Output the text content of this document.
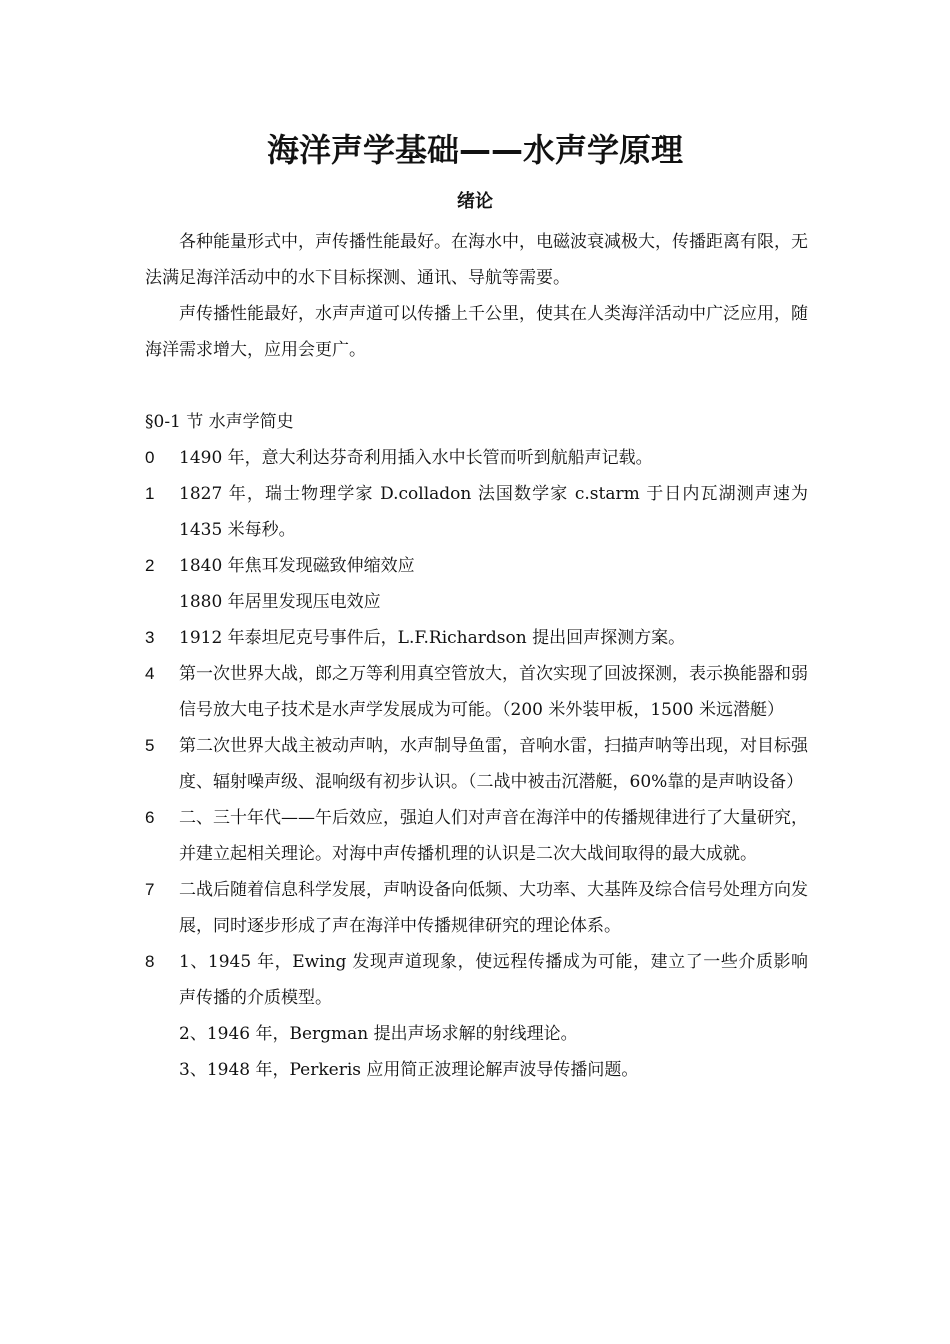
海洋声学基础——水声学原理
绪论

各种能量形式中，声传播性能最好。在海水中，电磁波衰减极大，传播距离有限，无法满足海洋活动中的水下目标探测、通讯、导航等需要。

声传播性能最好，水声声道可以传播上千公里，使其在人类海洋活动中广泛应用，随海洋需求增大，应用会更广。

§0-1 节 水声学简史

0	1490 年，意大利达芬奇利用插入水中长管而听到航船声记载。
1	1827 年，瑞士物理学家 D.colladon 法国数学家 c.starm 于日内瓦湖测声速为 1435 米每秒。
2	1840 年焦耳发现磁致伸缩效应
1880 年居里发现压电效应
3	1912 年泰坦尼克号事件后，L.F.Richardson 提出回声探测方案。
4	第一次世界大战，郎之万等利用真空管放大，首次实现了回波探测，表示换能器和弱信号放大电子技术是水声学发展成为可能。（200 米外装甲板，1500 米远潜艇）
5	第二次世界大战主被动声呐，水声制导鱼雷，音响水雷，扫描声呐等出现，对目标强度、辐射噪声级、混响级有初步认识。（二战中被击沉潜艇，60%靠的是声呐设备）
6	二、三十年代——午后效应，强迫人们对声音在海洋中的传播规律进行了大量研究，并建立起相关理论。对海中声传播机理的认识是二次大战间取得的最大成就。
7	二战后随着信息科学发展，声呐设备向低频、大功率、大基阵及综合信号处理方向发展，同时逐步形成了声在海洋中传播规律研究的理论体系。
8	1、1945 年，Ewing 发现声道现象，使远程传播成为可能，建立了一些介质影响声传播的介质模型。

2、1946 年，Bergman 提出声场求解的射线理论。

3、1948 年，Perkeris 应用简正波理论解声波导传播问题。
